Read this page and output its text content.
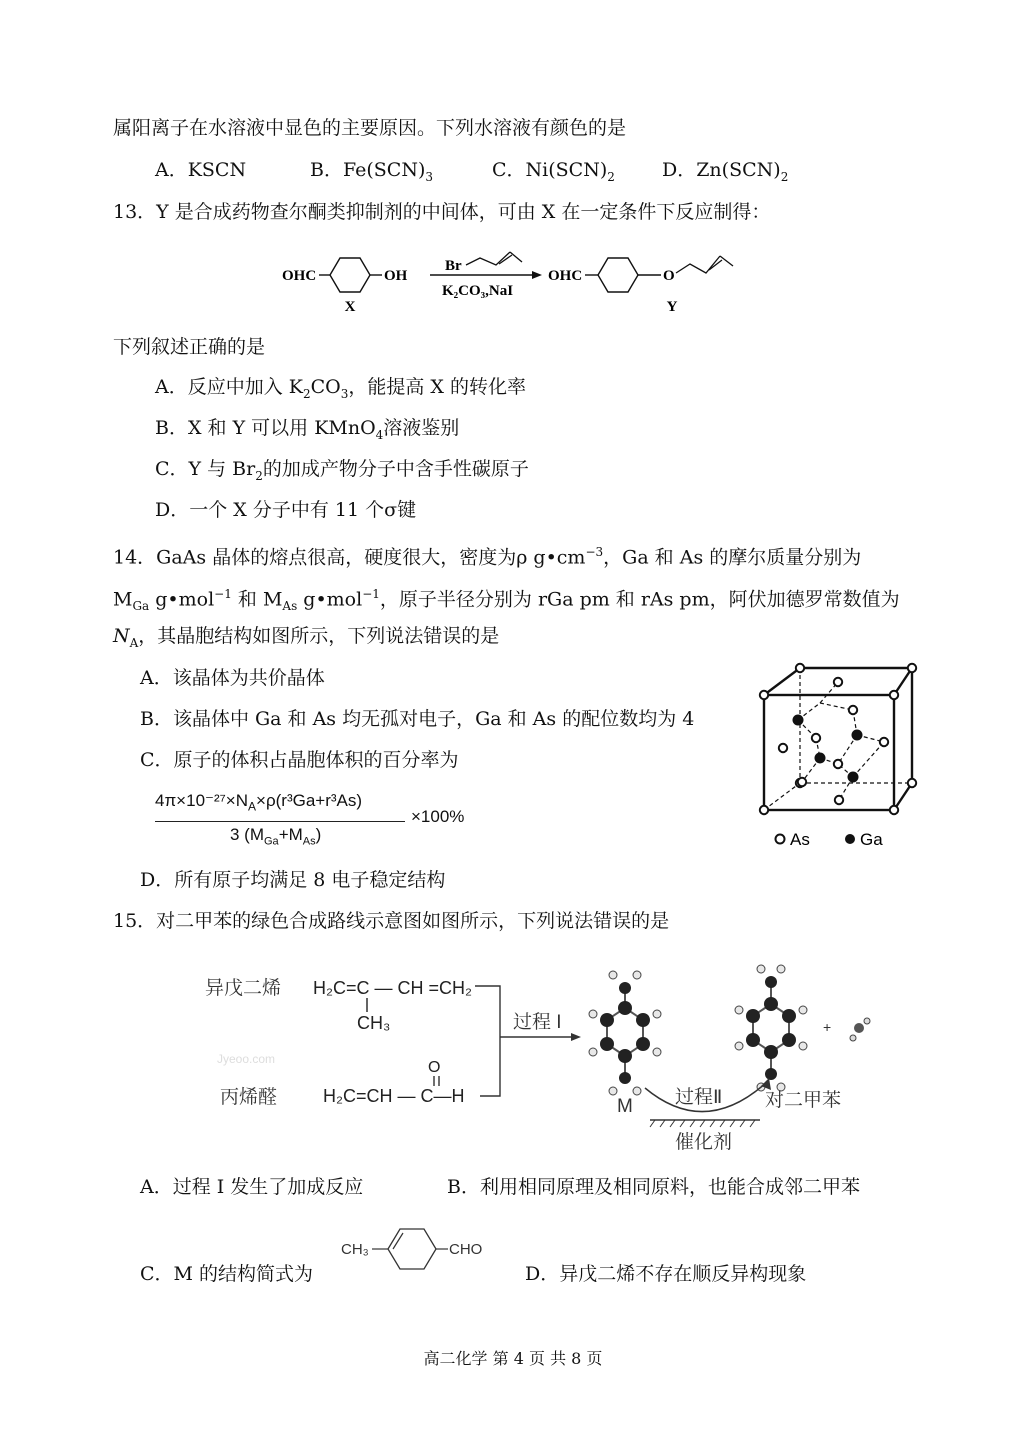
属阳离子在水溶液中显色的主要原因。下列水溶液有颜色的是
A．KSCN	B．$Fe(SCN)_3$	C．$Ni(SCN)_2$ D．$Zn(SCN)_2$
13．Y 是合成药物查尔酮类抑制剂的中间体，可由 X 在一定条件下反应制得：
OHC	OH
X
Br
K₂CO₃,NaI
OHC	O
Y
下列叙述正确的是
A．反应中加入 $K_2CO_3$，能提高 X 的转化率
B．X 和 Y 可以用 KMnO$_4$溶液鉴别
C．Y 与 $Br_2$的加成产物分子中含手性碳原子
D．一个 X 分子中有 11 个σ键
14．GaAs 晶体的熔点很高，硬度很大，密度为ρ $g•cm^{-3}$，Ga 和 As 的摩尔质量分别为
$M_{Ga}$ g•mol$^{-1}$ 和 $M_{As}$ g•mol$^{-1}$，原子半径分别为 rGa pm 和 rAs pm，阿伏加德罗常数值为
$N_A$，其晶胞结构如图所示，下列说法错误的是
A．该晶体为共价晶体
B．该晶体中 Ga 和 As 均无孤对电子，Ga 和 As 的配位数均为 4
C．原子的体积占晶胞体积的百分率为
$4\pi\times 10^{-27}\times N_A\times\rho(r^3Ga+r^3As)$
3 $(M_{Ga}+M_{As})$
×100%
D．所有原子均满足 8 电子稳定结构
As	Ga
15．对二甲苯的绿色合成路线示意图如图所示，下列说法错误的是
异戊二烯 H₂C=C — CH =CH₂
CH₃
Jyeoo.com
丙烯醛	H₂C=CH — C—H
O
过程 I	+
过程Ⅱ
M	对二甲苯
催化剂
A．过程 I 发生了加成反应	B．利用相同原理及相同原料，也能合成邻二甲苯
C．M 的结构简式为
CH₃	CHO
D．异戊二烯不存在顺反异构现象
高二化学 第 4 页 共 8 页
